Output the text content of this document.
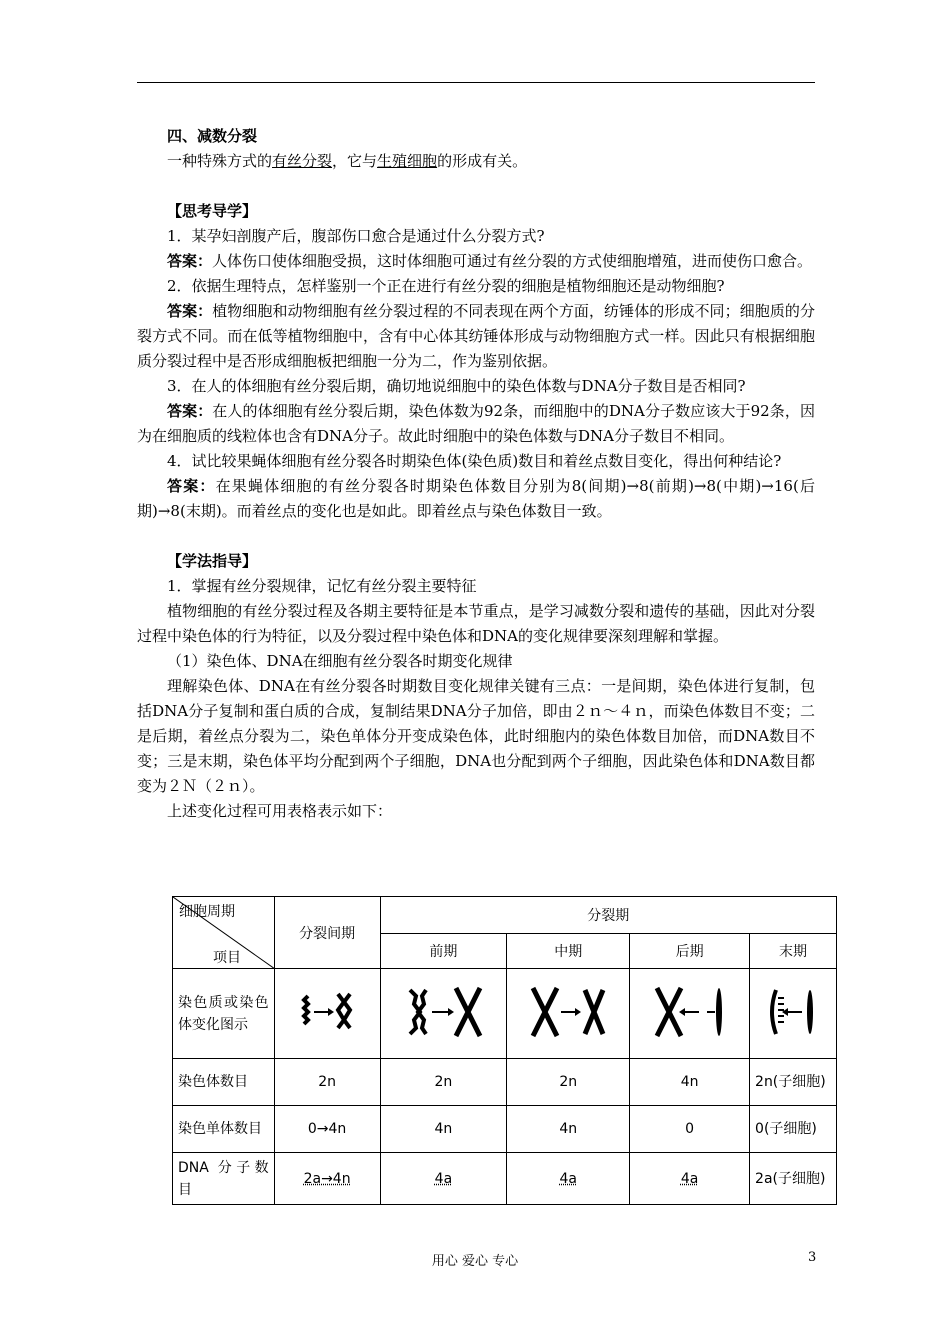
四、减数分裂

一种特殊方式的有丝分裂，它与生殖细胞的形成有关。

【思考导学】

1．某孕妇剖腹产后，腹部伤口愈合是通过什么分裂方式?

答案：人体伤口使体细胞受损，这时体细胞可通过有丝分裂的方式使细胞增殖，进而使伤口愈合。

2．依据生理特点，怎样鉴别一个正在进行有丝分裂的细胞是植物细胞还是动物细胞?

答案：植物细胞和动物细胞有丝分裂过程的不同表现在两个方面，纺锤体的形成不同；细胞质的分裂方式不同。而在低等植物细胞中，含有中心体其纺锤体形成与动物细胞方式一样。因此只有根据细胞质分裂过程中是否形成细胞板把细胞一分为二，作为鉴别依据。

3．在人的体细胞有丝分裂后期，确切地说细胞中的染色体数与DNA分子数目是否相同?

答案：在人的体细胞有丝分裂后期，染色体数为92条，而细胞中的DNA分子数应该大于92条，因为在细胞质的线粒体也含有DNA分子。故此时细胞中的染色体数与DNA分子数目不相同。

4．试比较果蝇体细胞有丝分裂各时期染色体(染色质)数目和着丝点数目变化，得出何种结论?

答案：在果蝇体细胞的有丝分裂各时期染色体数目分别为8(间期)→8(前期)→8(中期)→16(后期)→8(末期)。而着丝点的变化也是如此。即着丝点与染色体数目一致。

【学法指导】

1．掌握有丝分裂规律，记忆有丝分裂主要特征

植物细胞的有丝分裂过程及各期主要特征是本节重点，是学习减数分裂和遗传的基础，因此对分裂过程中染色体的行为特征，以及分裂过程中染色体和DNA的变化规律要深刻理解和掌握。

（1）染色体、DNA在细胞有丝分裂各时期变化规律

理解染色体、DNA在有丝分裂各时期数目变化规律关键有三点：一是间期，染色体进行复制，包括DNA分子复制和蛋白质的合成，复制结果DNA分子加倍，即由２ｎ～４ｎ，而染色体数目不变；二是后期，着丝点分裂为二，染色单体分开变成染色体，此时细胞内的染色体数目加倍，而DNA数目不变；三是末期，染色体平均分配到两个子细胞，DNA也分配到两个子细胞，因此染色体和DNA数目都变为２Ｎ（２ｎ）。

上述变化过程可用表格表示如下：

细胞周期
项目	分裂间期	分裂期			
		前期	中期	后期	末期
染色质或染色体变化图示					
染色体数目	2n	2n	2n	4n	2n(子细胞)
染色单体数目	0→4n	4n	4n	0	0(子细胞)
DNA 分子数目	2a→4n	4a	4a	4a	2a(子细胞)
用心 爱心 专心	3
